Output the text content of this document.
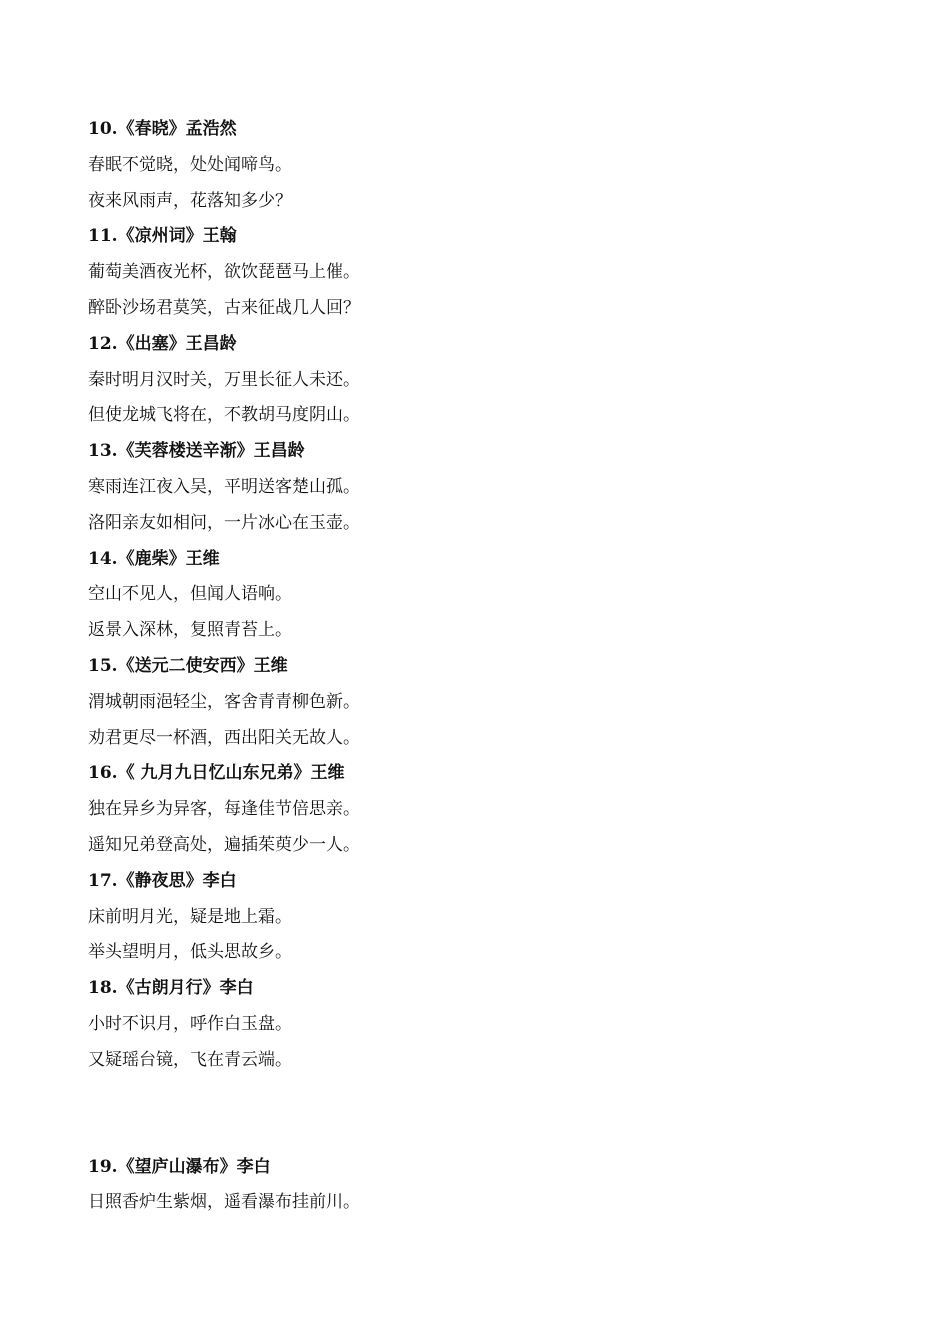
10.《春晓》孟浩然
春眠不觉晓，处处闻啼鸟。
夜来风雨声，花落知多少？
11.《凉州词》王翰
葡萄美酒夜光杯，欲饮琵琶马上催。
醉卧沙场君莫笑，古来征战几人回？
12.《出塞》王昌龄
秦时明月汉时关，万里长征人未还。
但使龙城飞将在，不教胡马度阴山。
13.《芙蓉楼送辛渐》王昌龄
寒雨连江夜入吴，平明送客楚山孤。
洛阳亲友如相问，一片冰心在玉壶。
14.《鹿柴》王维
空山不见人，但闻人语响。
返景入深林，复照青苔上。
15.《送元二使安西》王维
渭城朝雨浥轻尘，客舍青青柳色新。
劝君更尽一杯酒，西出阳关无故人。
16.《 九月九日忆山东兄弟》王维
独在异乡为异客，每逢佳节倍思亲。
遥知兄弟登高处，遍插茱萸少一人。
17.《静夜思》李白
床前明月光，疑是地上霜。
举头望明月，低头思故乡。
18.《古朗月行》李白
小时不识月，呼作白玉盘。
又疑瑶台镜，飞在青云端。
19.《望庐山瀑布》李白
日照香炉生紫烟，遥看瀑布挂前川。
